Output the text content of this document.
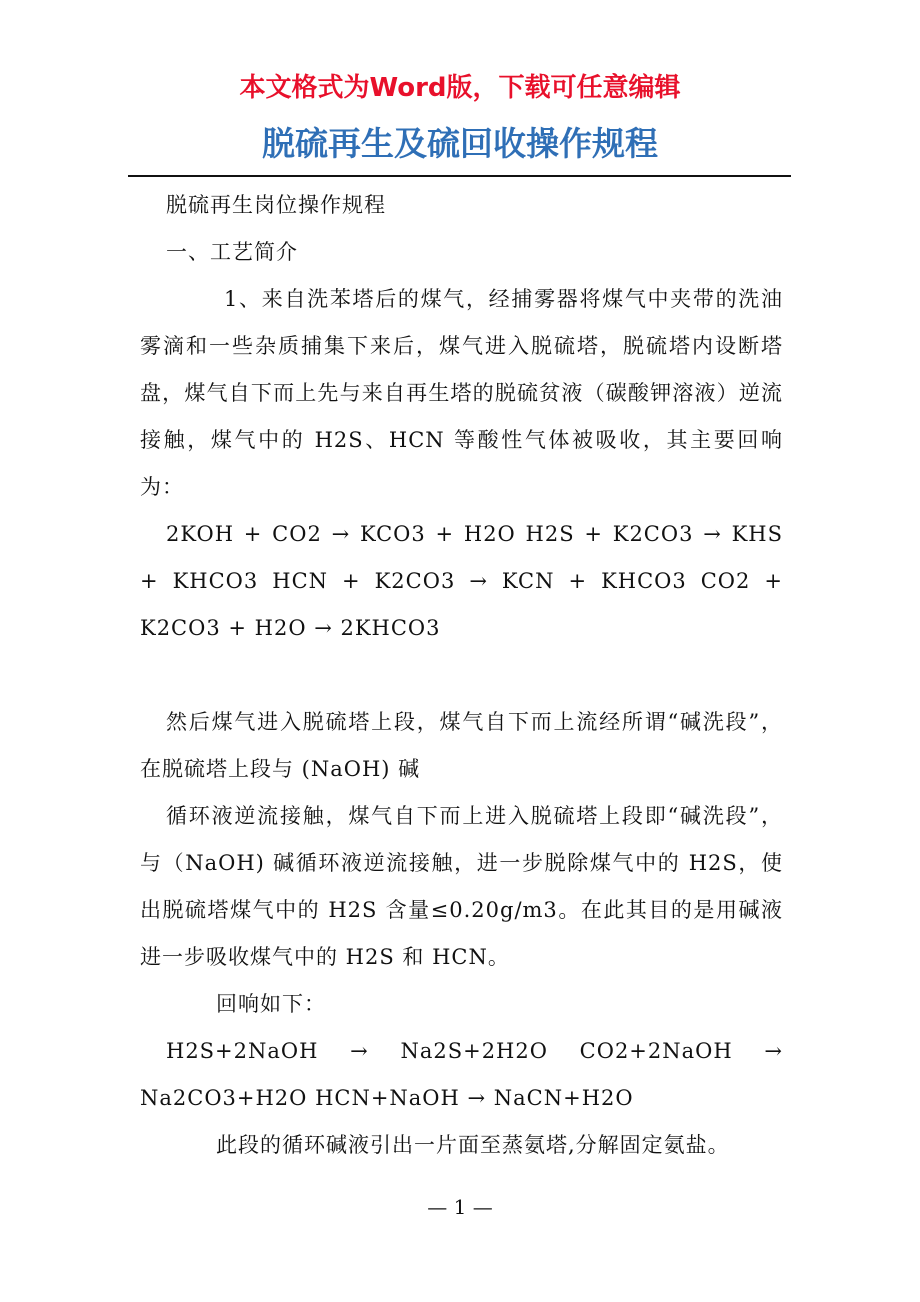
本文格式为Word版，下载可任意编辑

脱硫再生及硫回收操作规程

脱硫再生岗位操作规程

一、工艺简介

1、来自洗苯塔后的煤气，经捕雾器将煤气中夹带的洗油雾滴和一些杂质捕集下来后，煤气进入脱硫塔，脱硫塔内设断塔盘，煤气自下而上先与来自再生塔的脱硫贫液（碳酸钾溶液）逆流接触，煤气中的 H2S、HCN 等酸性气体被吸收，其主要回响为：

2KOH + CO2 → KCO3 + H2O H2S + K2CO3 → KHS + KHCO3 HCN + K2CO3 → KCN + KHCO3 CO2 + K2CO3 + H2O → 2KHCO3

然后煤气进入脱硫塔上段，煤气自下而上流经所谓“碱洗段”，在脱硫塔上段与 (NaOH) 碱

循环液逆流接触，煤气自下而上进入脱硫塔上段即“碱洗段”，与（NaOH) 碱循环液逆流接触，进一步脱除煤气中的 H2S，使出脱硫塔煤气中的 H2S 含量≤0.20g/m3。在此其目的是用碱液进一步吸收煤气中的 H2S 和 HCN。

回响如下：

H2S+2NaOH → Na2S+2H2O CO2+2NaOH → Na2CO3+H2O HCN+NaOH → NaCN+H2O

此段的循环碱液引出一片面至蒸氨塔,分解固定氨盐。

— 1 —
